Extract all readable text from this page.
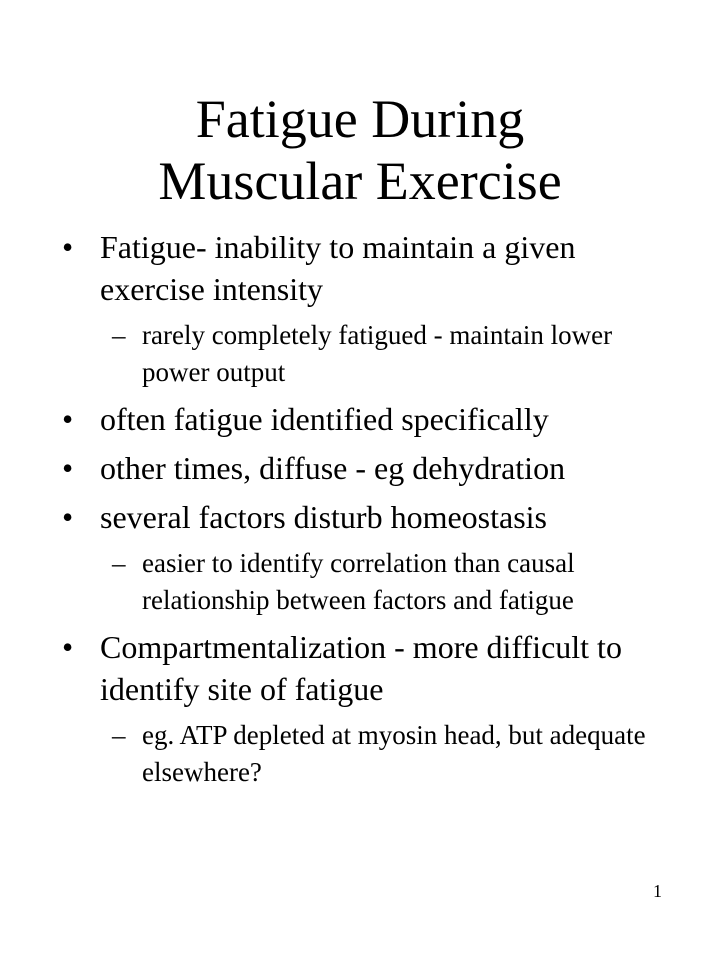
Fatigue During
Muscular Exercise
• Fatigue- inability to maintain a given exercise intensity
– rarely completely fatigued - maintain lower power output
• often fatigue identified specifically
• other times, diffuse - eg dehydration
• several factors disturb homeostasis
– easier to identify correlation than causal relationship between factors and fatigue
• Compartmentalization - more difficult to identify site of fatigue
– eg. ATP depleted at myosin head, but adequate elsewhere?
1
